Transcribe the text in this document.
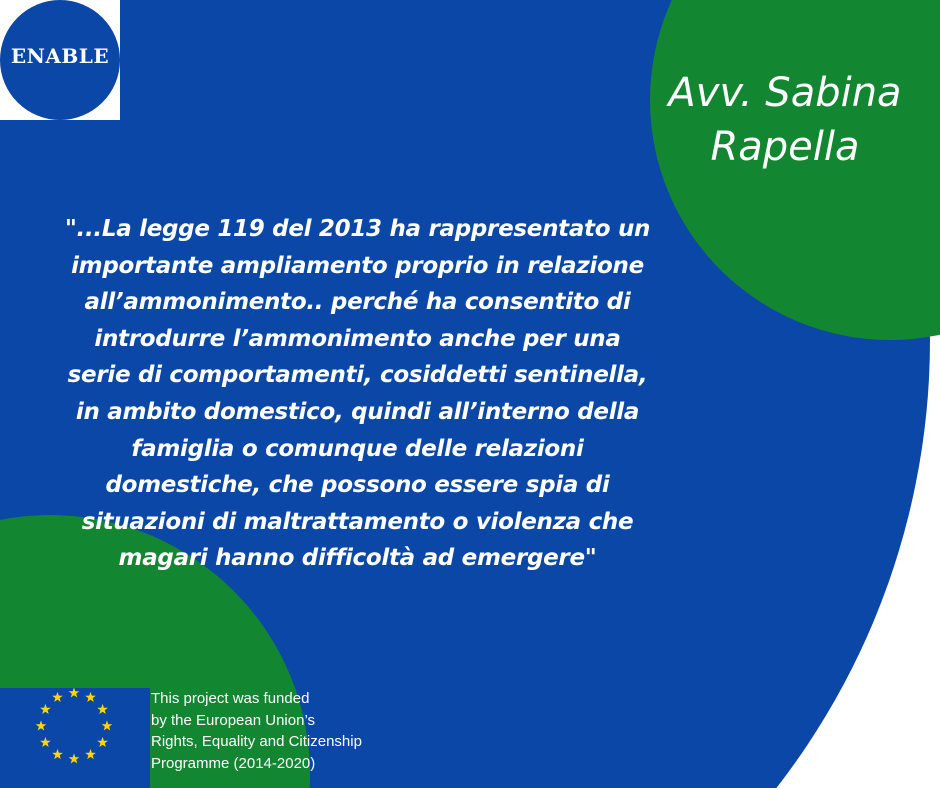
ENABLE
Avv. Sabina
Rapella
"...La legge 119 del 2013 ha rappresentato un
importante ampliamento proprio in relazione
all’ammonimento.. perché ha consentito di
introdurre l’ammonimento anche per una
serie di comportamenti, cosiddetti sentinella,
in ambito domestico, quindi all’interno della
famiglia o comunque delle relazioni
domestiche, che possono essere spia di
situazioni di maltrattamento o violenza che
magari hanno difficoltà ad emergere"
This project was funded
by the European Union’s
Rights, Equality and Citizenship
Programme (2014-2020)
